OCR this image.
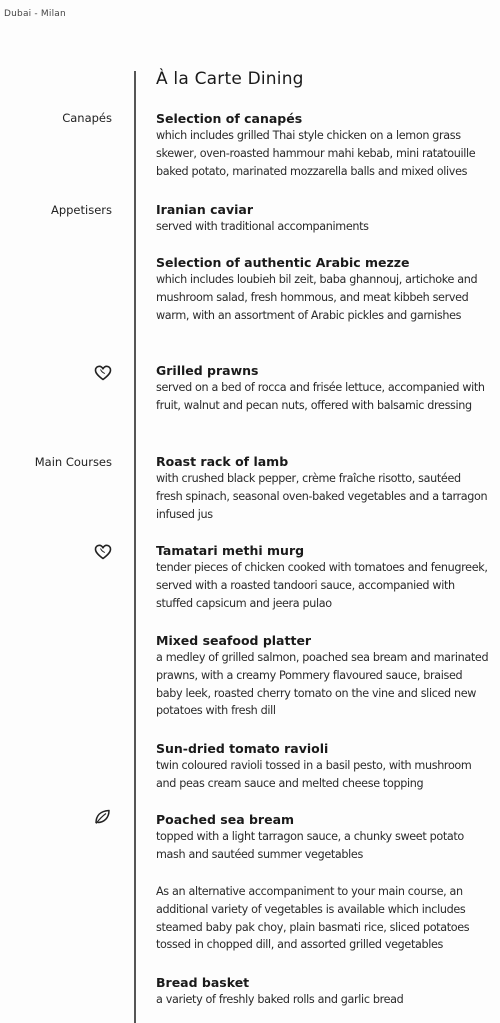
Dubai - Milan
À la Carte Dining
Canapés
Appetisers
Main Courses
Selection of canapés
which includes grilled Thai style chicken on a lemon grass skewer, oven-roasted hammour mahi kebab, mini ratatouille baked potato, marinated mozzarella balls and mixed olives
Iranian caviar
served with traditional accompaniments
Selection of authentic Arabic mezze
which includes loubieh bil zeit, baba ghannouj, artichoke and mushroom salad, fresh hommous, and meat kibbeh served warm, with an assortment of Arabic pickles and garnishes
Grilled prawns
served on a bed of rocca and frisée lettuce, accompanied with fruit, walnut and pecan nuts, offered with balsamic dressing
Roast rack of lamb
with crushed black pepper, crème fraîche risotto, sautéed fresh spinach, seasonal oven-baked vegetables and a tarragon infused jus
Tamatari methi murg
tender pieces of chicken cooked with tomatoes and fenugreek, served with a roasted tandoori sauce, accompanied with stuffed capsicum and jeera pulao
Mixed seafood platter
a medley of grilled salmon, poached sea bream and marinated prawns, with a creamy Pommery flavoured sauce, braised baby leek, roasted cherry tomato on the vine and sliced new potatoes with fresh dill
Sun-dried tomato ravioli
twin coloured ravioli tossed in a basil pesto, with mushroom and peas cream sauce and melted cheese topping
Poached sea bream
topped with a light tarragon sauce, a chunky sweet potato mash and sautéed summer vegetables
As an alternative accompaniment to your main course, an additional variety of vegetables is available which includes steamed baby pak choy, plain basmati rice, sliced potatoes tossed in chopped dill, and assorted grilled vegetables
Bread basket
a variety of freshly baked rolls and garlic bread
